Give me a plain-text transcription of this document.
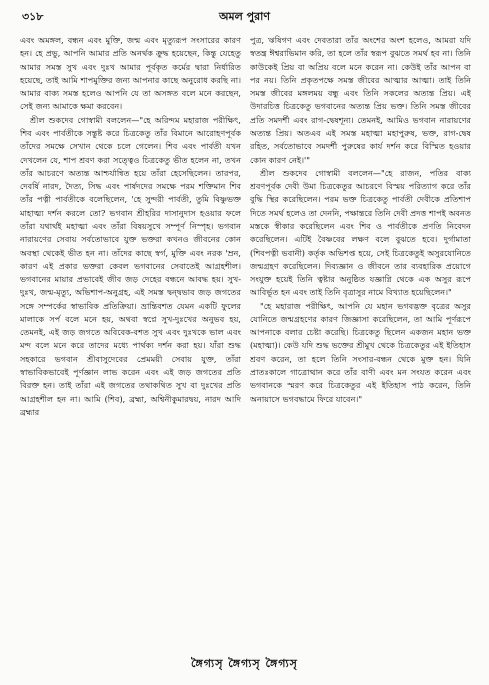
৩১৮	অমল পুরাণ

এবং অমঙ্গল, বন্ধন এবং মুক্তি, জন্ম এবং মৃত্যুরূপ সংসারের কারণ হন। হে প্রভু, আপনি আমার প্রতি অনর্থক ক্রুদ্ধ হয়েছেন, কিন্তু যেহেতু আমার সমস্ত সুখ এবং দুঃখ আমার পূর্বকৃত কর্মের দ্বারা নির্ধারিত হয়েছে, তাই আমি শাপমুক্তির জন্য আপনার কাছে অনুরোধ করছি না। আমার বাক্য সমস্ত হলেও আপনি যে তা অসঙ্গত বলে মনে করছেন, সেই জন্য আমাকে ক্ষমা করবেন।

শ্রীল শুকদেব গোস্বামী বললেন—"হে অরিন্দম মহারাজ পরীক্ষিৎ, শিব এবং পার্বতীকে সন্তুষ্ট করে চিত্রকেতু তাঁর বিমানে আরোহণপূর্বক তাঁদের সমক্ষে সেখান থেকে চলে গেলেন। শিব এবং পার্বতী যখন দেখলেন যে, শাপ শ্রবণ করা সত্ত্বেও চিত্রকেতু ভীত হলেন না, তখন তাঁর আচরণে অত্যন্ত আশ্চর্যান্বিত হয়ে তাঁরা হেসেছিলেন। তারপর, দেবর্ষি নারদ, দৈত্য, সিদ্ধ এবং পার্ষদদের সমক্ষে পরম শক্তিমান শিব তাঁর পত্নী পার্বতীকে বলেছিলেন, 'হে সুন্দরী পার্বতী, তুমি বিষ্ণুভক্ত মাহাত্ম্য দর্শন করলে তো? ভগবান শ্রীহরির দাসানুদাস হওয়ার ফলে তাঁরা যথার্থই মহাত্মা এবং তাঁরা বিষয়সুখে সম্পূর্ণ নিস্পৃহ। ভগবান নারায়ণের সেবায় সর্বতোভাবে যুক্ত ভক্তরা কখনও জীবনের কোন অবস্থা থেকেই ভীত হন না। তাঁদের কাছে স্বর্গ, মুক্তি এবং নরক 'ম্রন, কারণ এই প্রকার ভক্তরা কেবল ভগবানের সেবাতেই আগ্রহশীল। ভগবানের মায়ার প্রভাবেই জীব জড় দেহের বন্ধনে আবদ্ধ হয়। সুখ-দুঃখ, জন্ম-মৃত্যু, অভিশাপ-অনুগ্রহ, এই সমস্ত দ্বন্দ্বভাব জড় জগতের সঙ্গে সম্পর্কের স্বাভাবিক প্রতিক্রিয়া। ভ্রান্তিবশত যেমন একটি ফুলের মালাকে সর্প বলে মনে হয়, অথবা স্বপ্নে সুখ-দুঃখের অনুভব হয়, তেমনই, এই জড় জগতে অবিবেক-বশত সুখ এবং দুঃখকে ভাল এবং মন্দ বলে মনে করে তাদের মধ্যে পার্থক্য দর্শন করা হয়। যাঁরা শুদ্ধ সহকারে ভগবান শ্রীবাসুদেবের প্রেমময়ী সেবায় যুক্ত, তাঁরা স্বাভাবিকভাবেই পূর্ণজ্ঞান লাভ করেন এবং এই জড় জগতের প্রতি বিরক্ত হন। তাই তাঁরা এই জগতের তথাকথিত সুখ বা দুঃখের প্রতি আগ্রহশীল হন না। আমি (শিব), ব্রহ্মা, অশ্বিনীকুমারদ্বয়, নারদ আদি ব্রহ্মার

পুত্র, ঋষিগণ এবং দেবতারা তাঁর অংশের অংশ হলেও, আমরা যদি স্বতন্ত্র ঈশ্বরাভিমান করি, তা হলে তাঁর স্বরূপ বুঝতে সমর্থ হব না। তিনি কাউকেই প্রিয় বা অপ্রিয় বলে মনে করেন না। কেউই তাঁর আপন বা পর নয়। তিনি প্রকৃতপক্ষে সমস্ত জীবের আত্মার আত্মা। তাই তিনি সমস্ত জীবের মঙ্গলময় বন্ধু এবং তিনি সকলের অত্যন্ত প্রিয়। এই উদারচিত্ত চিত্রকেতু ভগবানের অত্যন্ত প্রিয় ভক্ত। তিনি সমস্ত জীবের প্রতি সমদর্শী এবং রাগ-দ্বেষশূন্য। তেমনই, আমিও ভগবান নারায়ণের অত্যন্ত প্রিয়। অতএব এই সমস্ত মহাত্মা মহাপুরুষ, ভক্ত, রাগ-দ্বেষ রহিত, সর্বতোভাবে সমদর্শী পুরুষের কার্য দর্শন করে বিস্মিত হওয়ার কোন কারণ নেই।'"

শ্রীল শুকদেব গোস্বামী বললেন—"হে রাজন, পতির বাক্য শ্রবণপূর্বক দেবী উমা চিত্রকেতুর আচরণে বিস্ময় পরিত্যাগ করে তাঁর বুদ্ধি স্থির করেছিলেন। পরম ভক্ত চিত্রকেতু পার্বতী দেবীকে প্রতিশাপ দিতে সমর্থ হলেও তা দেননি, পক্ষান্তরে তিনি দেবী প্রদত্ত শাপই অবনত মস্তকে স্বীকার করেছিলেন এবং শিব ও পার্বতীকে প্রণতি নিবেদন করেছিলেন। এটিই বৈষ্ণবের লক্ষণ বলে বুঝতে হবে। দুর্গামাতা (শিবপত্নী ভবানী) কর্তৃক অভিশপ্ত হয়ে, সেই চিত্রকেতুই অসুরযোনিতে জন্মগ্রহণ করেছিলেন। দিব্যজ্ঞান ও জীবনে তার ব্যবহারিক প্রয়োগে সংযুক্ত হয়েই তিনি ত্বষ্টার অনুষ্ঠিত যজ্ঞাগ্নি থেকে এক অসুর রূপে আবির্ভূত হন এবং তাই তিনি বৃত্রাসুর নামে বিখ্যাত হয়েছিলেন।"

"হে মহারাজ পরীক্ষিৎ, আপনি যে মহান ভগবদ্ভক্ত বৃত্রের অসুর যোনিতে জন্মগ্রহণের কারণ জিজ্ঞাসা করেছিলেন, তা আমি পূর্ণরূপে আপনাকে বলার চেষ্টা করেছি। চিত্রকেতু ছিলেন একজন মহান ভক্ত (মহাত্মা)। কেউ যদি শুদ্ধ ভক্তের শ্রীমুখ থেকে চিত্রকেতুর এই ইতিহাস শ্রবণ করেন, তা হলে তিনি সংসার-বন্ধন থেকে মুক্ত হন। যিনি প্রাতঃকালে গাত্রোত্থান করে তাঁর বাণী এবং মন সংযত করেন এবং ভগবানকে স্মরণ করে চিত্রকেতুর এই ইতিহাস পাঠ করেন, তিনি অনায়াসে ভগবদ্ধামে ফিরে যাবেন।"

ঙ্গৈগ্যসৃ ঙ্গৈগ্যসৃ ঙ্গৈগ্যসৃ
